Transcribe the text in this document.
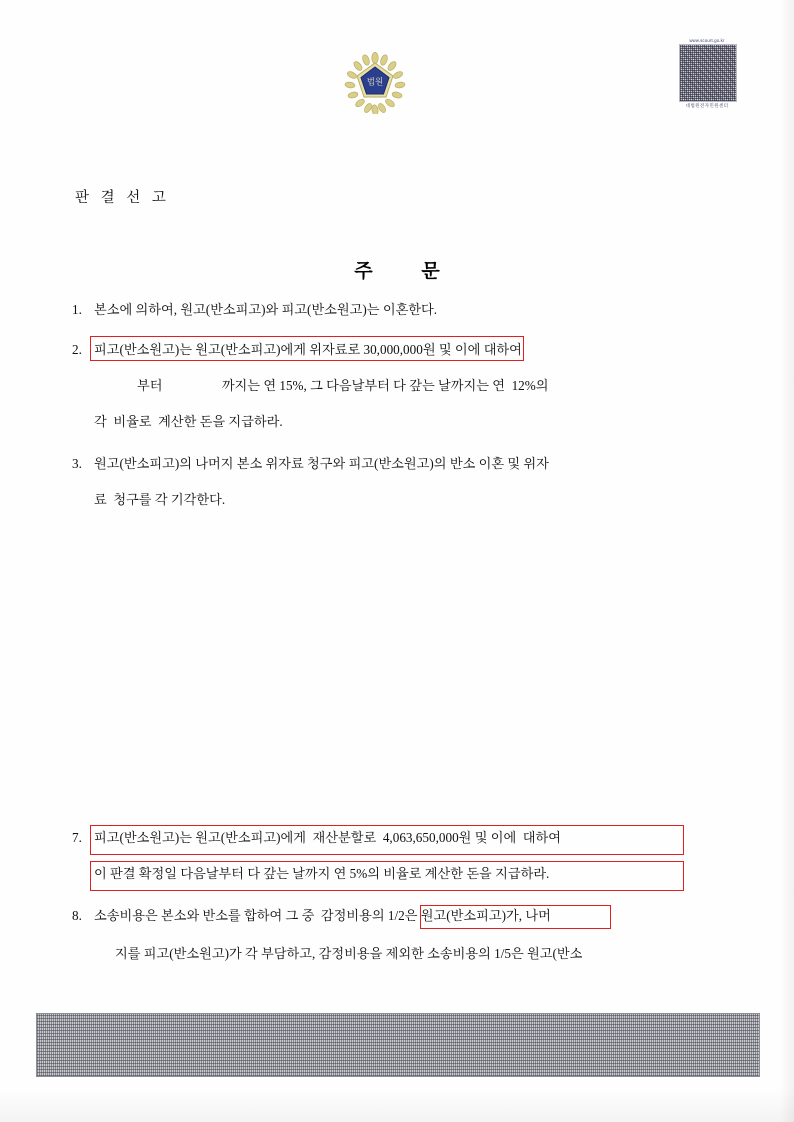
법원
www.scourt.go.kr
대법원전자민원센터
판 결 선 고
주 문
1. 본소에 의하여, 원고(반소피고)와 피고(반소원고)는 이혼한다.
2. 피고(반소원고)는 원고(반소피고)에게 위자료로 30,000,000원 및 이에 대하여
부터                  까지는 연 15%, 그 다음날부터 다 갚는 날까지는 연  12%의
각  비율로  계산한 돈을 지급하라.
3. 원고(반소피고)의 나머지 본소 위자료 청구와 피고(반소원고)의 반소 이혼 및 위자
료  청구를 각 기각한다.
7. 피고(반소원고)는 원고(반소피고)에게  재산분할로  4,063,650,000원 및 이에  대하여
이 판결 확정일 다음날부터 다 갚는 날까지 연 5%의 비율로 계산한 돈을 지급하라.
8. 소송비용은 본소와 반소를 합하여 그 중  감정비용의 1/2은 원고(반소피고)가, 나머
지를 피고(반소원고)가 각 부담하고, 감정비용을 제외한 소송비용의 1/5은 원고(반소
